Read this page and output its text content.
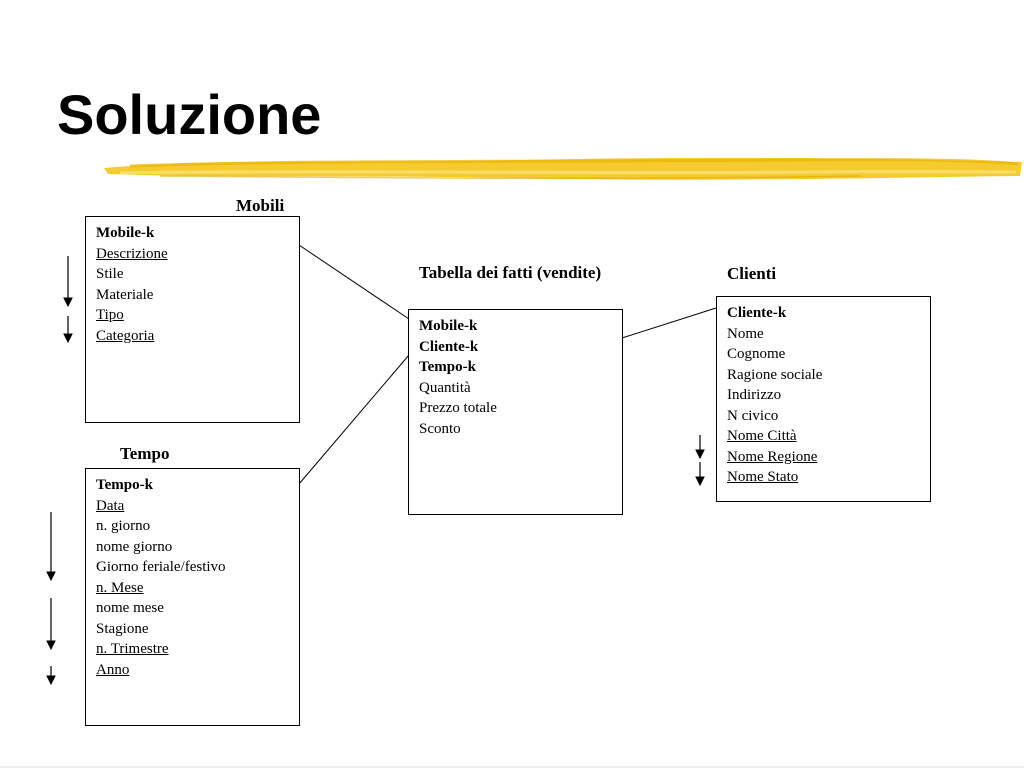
Soluzione
Mobili
Mobile-k
Descrizione
Stile
Materiale
Tipo
Categoria
Tempo
Tempo-k
Data
n. giorno
nome giorno
Giorno feriale/festivo
n. Mese
nome mese
Stagione
n. Trimestre
Anno
Tabella dei fatti (vendite)
Mobile-k
Cliente-k
Tempo-k
Quantità
Prezzo totale
Sconto
Clienti
Cliente-k
Nome
Cognome
Ragione sociale
Indirizzo
N civico
Nome Città
Nome Regione
Nome Stato
